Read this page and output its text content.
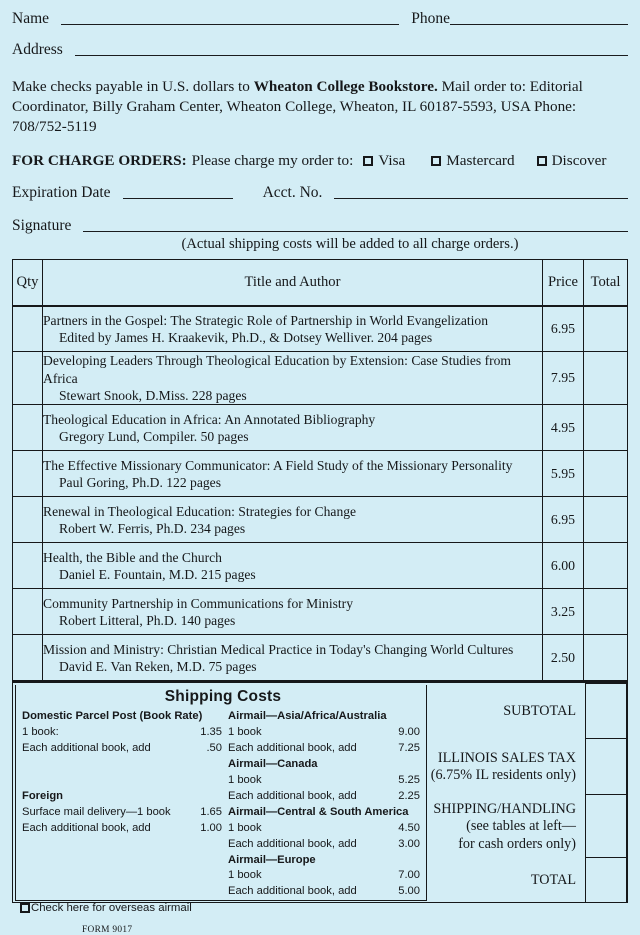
Name	Phone
Address
Make checks payable in U.S. dollars to Wheaton College Bookstore. Mail order to: Editorial Coordinator, Billy Graham Center, Wheaton College, Wheaton, IL 60187-5593, USA Phone: 708/752-5119
FOR CHARGE ORDERS: Please charge my order to: Visa	Mastercard Discover
Expiration Date	Acct. No.
Signature
(Actual shipping costs will be added to all charge orders.)
Qty	Title and Author	Price	Total
	Partners in the Gospel: The Strategic Role of Partnership in World Evangelization
Edited by James H. Kraakevik, Ph.D., & Dotsey Welliver. 204 pages	6.95	
	Developing Leaders Through Theological Education by Extension: Case Studies from Africa
Stewart Snook, D.Miss. 228 pages	7.95	
	Theological Education in Africa: An Annotated Bibliography
Gregory Lund, Compiler. 50 pages	4.95	
	The Effective Missionary Communicator: A Field Study of the Missionary Personality
Paul Goring, Ph.D. 122 pages	5.95	
	Renewal in Theological Education: Strategies for Change
Robert W. Ferris, Ph.D. 234 pages	6.95	
	Health, the Bible and the Church
Daniel E. Fountain, M.D. 215 pages	6.00	
	Community Partnership in Communications for Ministry
Robert Litteral, Ph.D. 140 pages	3.25	
	Mission and Ministry: Christian Medical Practice in Today's Changing World Cultures
David E. Van Reken, M.D. 75 pages	2.50	
Shipping Costs
Domestic Parcel Post (Book Rate)
1 book:	1.35
Each additional book, add	.50
Foreign
Surface mail delivery—1 book	1.65
Each additional book, add	1.00
Airmail—Asia/Africa/Australia
1 book	9.00
Each additional book, add	7.25
Airmail—Canada
1 book	5.25
Each additional book, add	2.25
Airmail—Central & South America
1 book	4.50
Each additional book, add	3.00
Airmail—Europe
1 book	7.00
Each additional book, add	5.00
Check here for overseas airmail
FORM 9017
SUBTOTAL
ILLINOIS SALES TAX
(6.75% IL residents only)
SHIPPING/HANDLING
(see tables at left—
for cash orders only)
TOTAL
